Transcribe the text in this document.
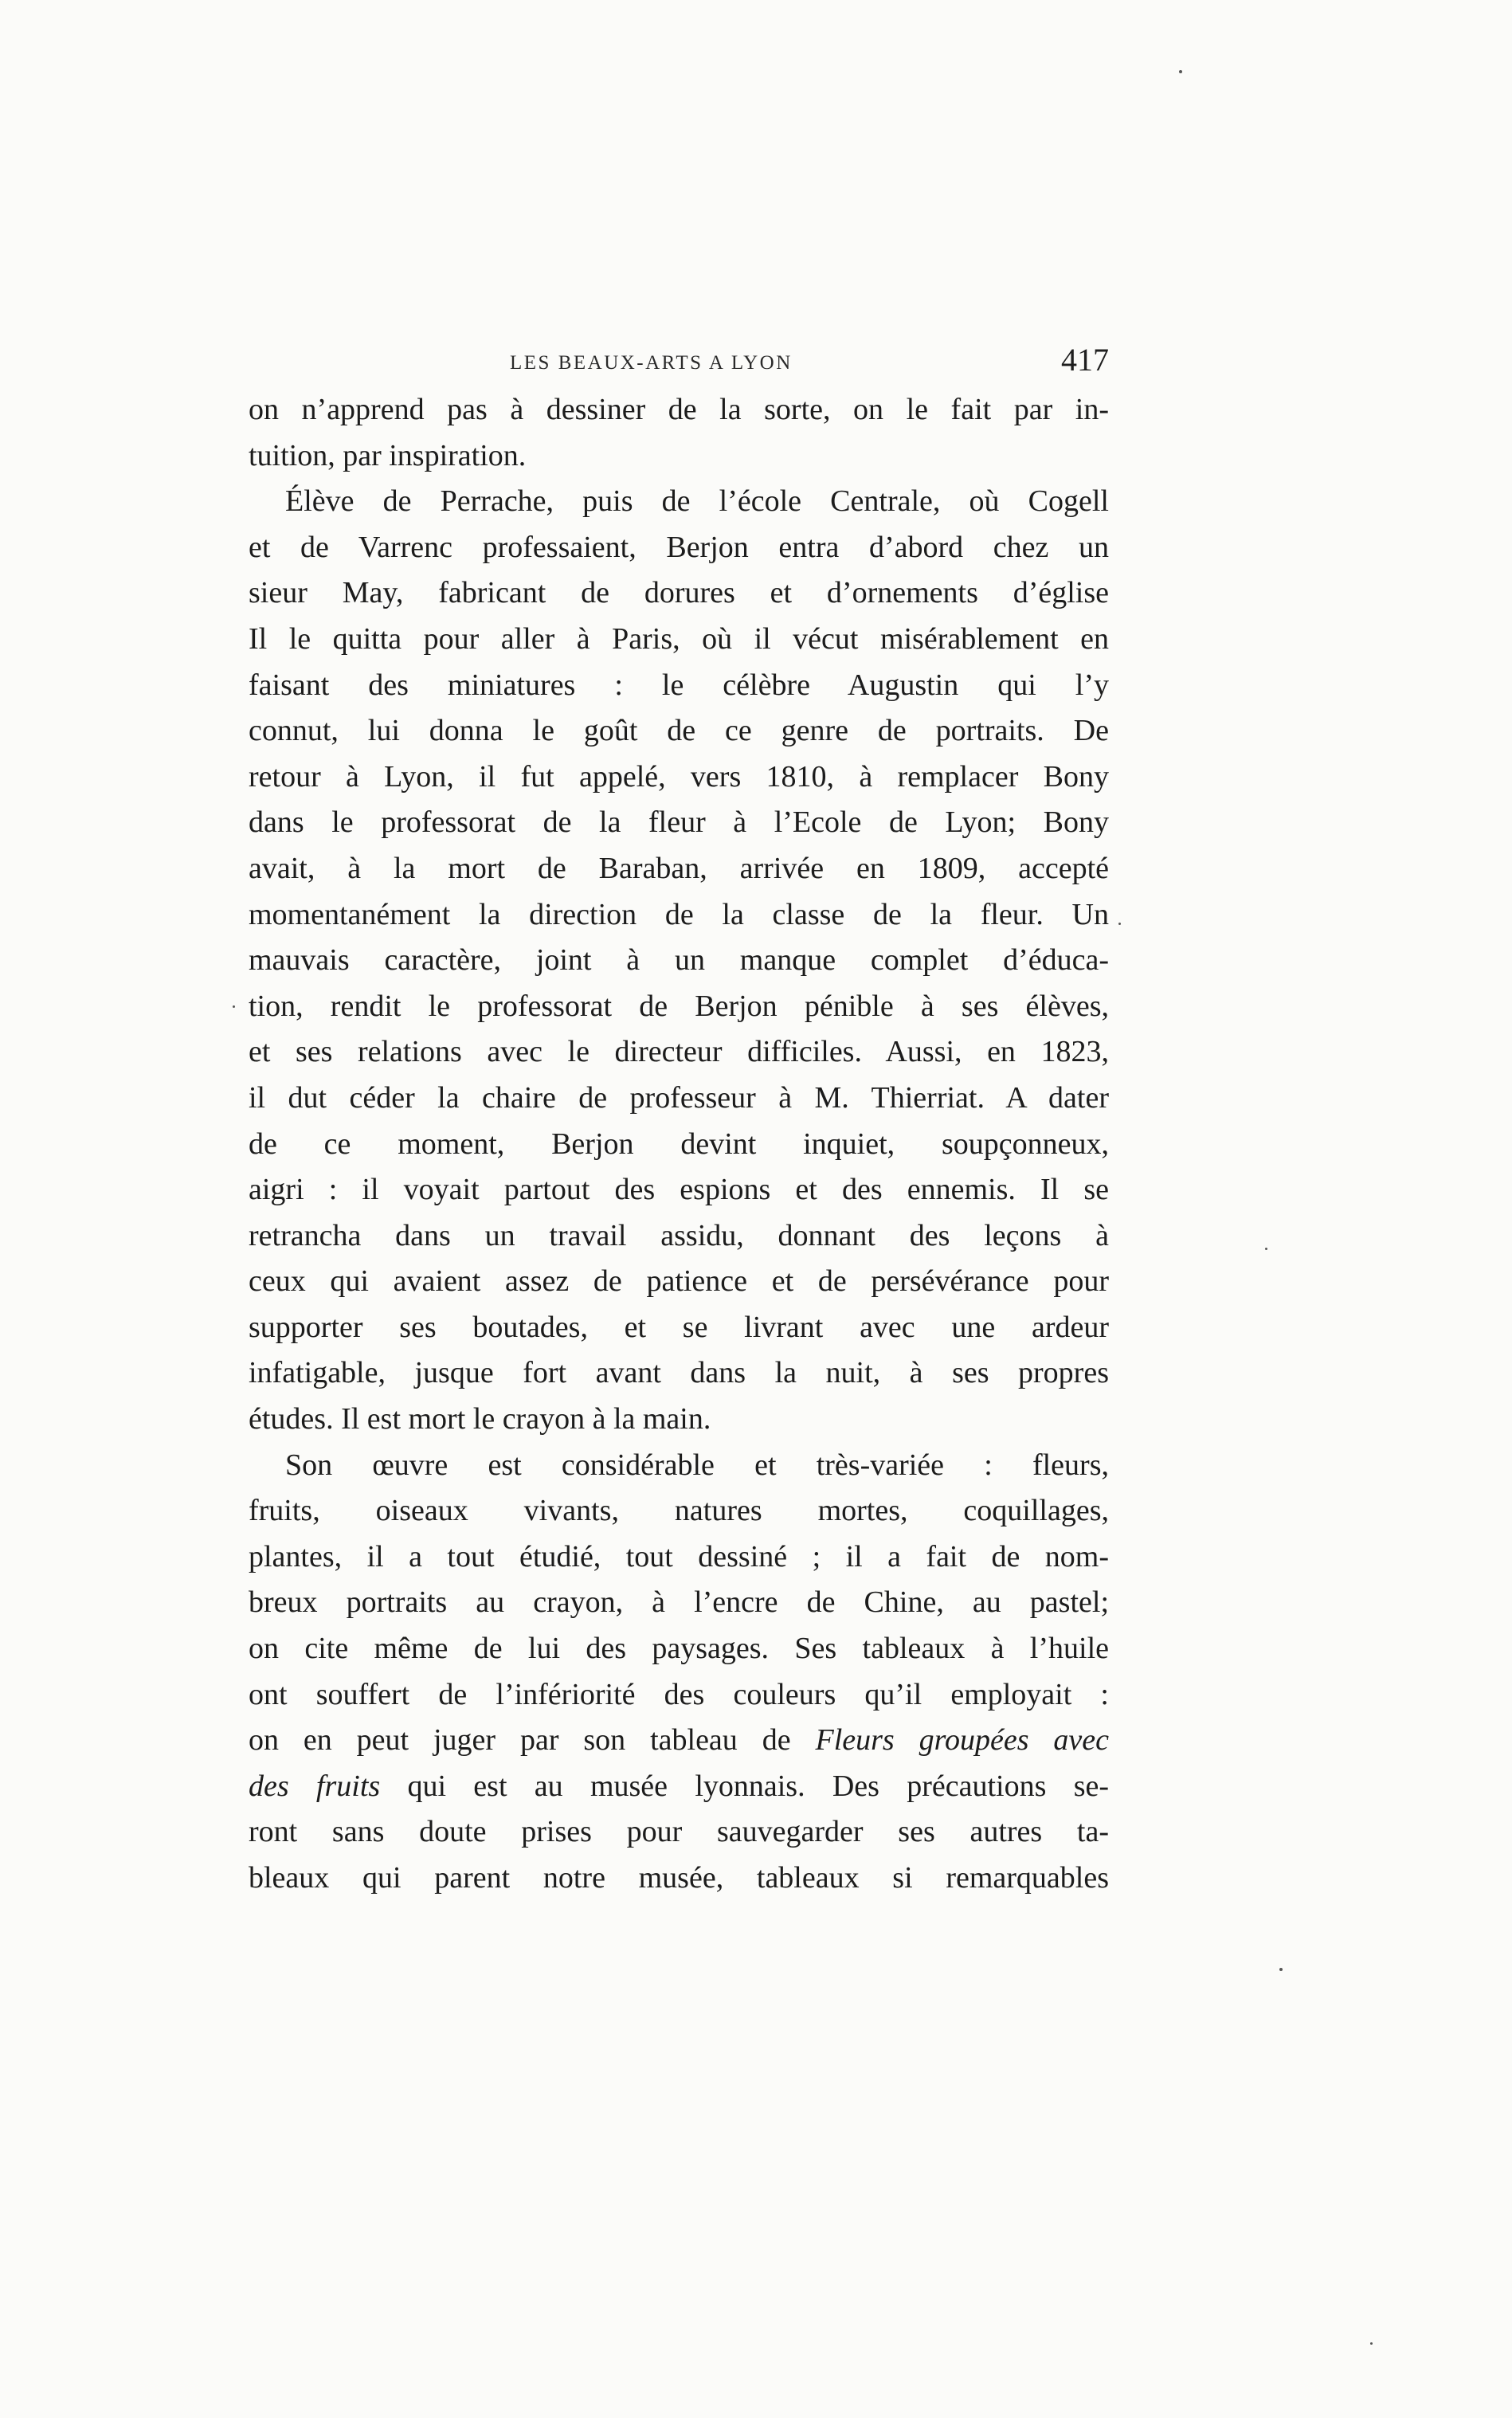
LES BEAUX-ARTS A LYON	417
on n’apprend pas à dessiner de la sorte, on le fait par in-
tuition, par inspiration.
Élève de Perrache, puis de l’école Centrale, où Cogell
et de Varrenc professaient, Berjon entra d’abord chez un
sieur May, fabricant de dorures et d’ornements d’église
Il le quitta pour aller à Paris, où il vécut misérablement en
faisant des miniatures : le célèbre Augustin qui l’y
connut, lui donna le goût de ce genre de portraits. De
retour à Lyon, il fut appelé, vers 1810, à remplacer Bony
dans le professorat de la fleur à l’Ecole de Lyon; Bony
avait, à la mort de Baraban, arrivée en 1809, accepté
momentanément la direction de la classe de la fleur. Un
mauvais caractère, joint à un manque complet d’éduca-
tion, rendit le professorat de Berjon pénible à ses élèves,
et ses relations avec le directeur difficiles. Aussi, en 1823,
il dut céder la chaire de professeur à M. Thierriat. A dater
de ce moment, Berjon devint inquiet, soupçonneux,
aigri : il voyait partout des espions et des ennemis. Il se
retrancha dans un travail assidu, donnant des leçons à
ceux qui avaient assez de patience et de persévérance pour
supporter ses boutades, et se livrant avec une ardeur
infatigable, jusque fort avant dans la nuit, à ses propres
études. Il est mort le crayon à la main.
Son œuvre est considérable et très-variée : fleurs,
fruits, oiseaux vivants, natures mortes, coquillages,
plantes, il a tout étudié, tout dessiné ; il a fait de nom-
breux portraits au crayon, à l’encre de Chine, au pastel;
on cite même de lui des paysages. Ses tableaux à l’huile
ont souffert de l’infériorité des couleurs qu’il employait :
on en peut juger par son tableau de Fleurs groupées avec
des fruits qui est au musée lyonnais. Des précautions se-
ront sans doute prises pour sauvegarder ses autres ta-
bleaux qui parent notre musée, tableaux si remarquables
